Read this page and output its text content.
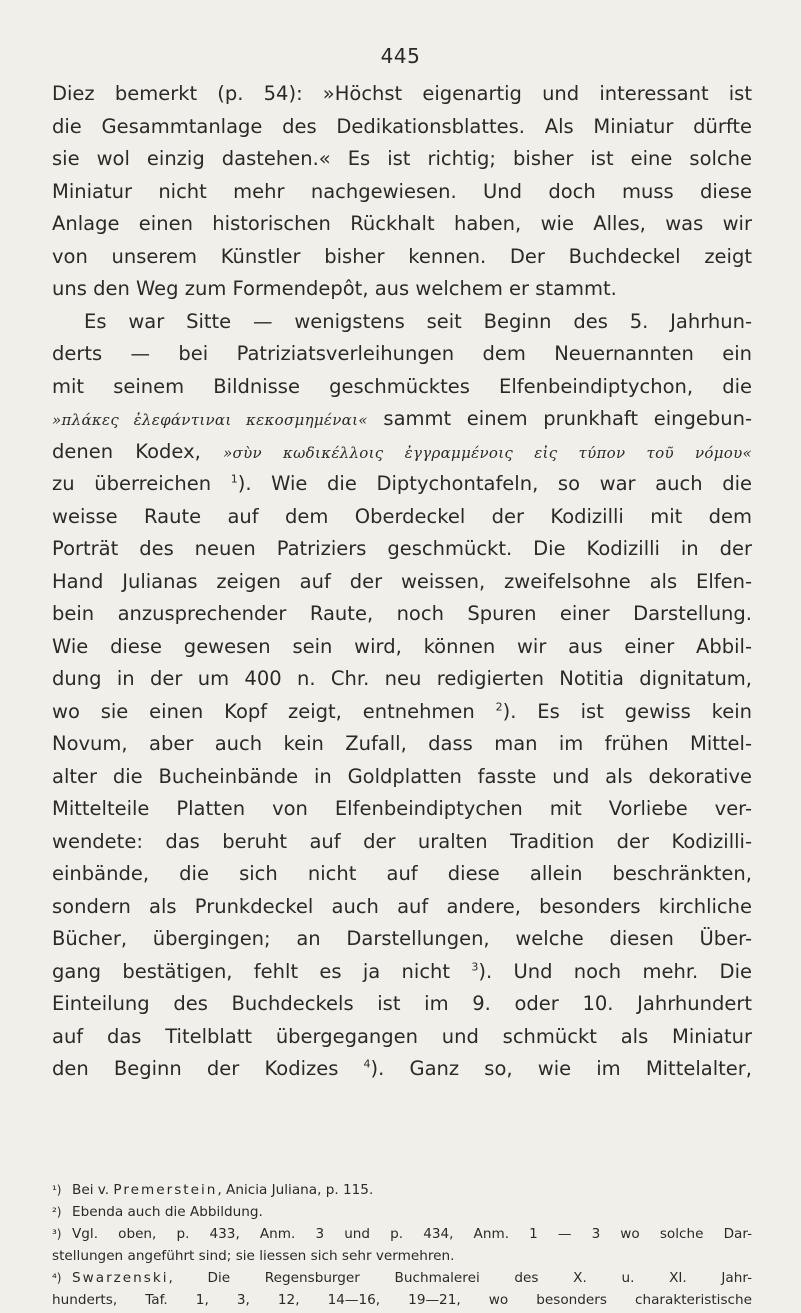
445
Diez bemerkt (p. 54): »Höchst eigenartig und interessant ist
die Gesammtanlage des Dedikationsblattes. Als Miniatur dürfte
sie wol einzig dastehen.« Es ist richtig; bisher ist eine solche
Miniatur nicht mehr nachgewiesen. Und doch muss diese
Anlage einen historischen Rückhalt haben, wie Alles, was wir
von unserem Künstler bisher kennen. Der Buchdeckel zeigt
uns den Weg zum Formendepôt, aus welchem er stammt.
Es war Sitte — wenigstens seit Beginn des 5. Jahrhun-
derts — bei Patriziatsverleihungen dem Neuernannten ein
mit seinem Bildnisse geschmücktes Elfenbeindiptychon, die
»πλάκες ἐλεφάντιναι κεκοσμημέναι« sammt einem prunkhaft eingebun-
denen Kodex, »σὺν κωδικέλλοις ἐγγραμμένοις εἰς τύπον τοῦ νόμου«
zu überreichen $^1$). Wie die Diptychontafeln, so war auch die
weisse Raute auf dem Oberdeckel der Kodizilli mit dem
Porträt des neuen Patriziers geschmückt. Die Kodizilli in der
Hand Julianas zeigen auf der weissen, zweifelsohne als Elfen-
bein anzusprechender Raute, noch Spuren einer Darstellung.
Wie diese gewesen sein wird, können wir aus einer Abbil-
dung in der um 400 n. Chr. neu redigierten Notitia dignitatum,
wo sie einen Kopf zeigt, entnehmen $^2$). Es ist gewiss kein
Novum, aber auch kein Zufall, dass man im frühen Mittel-
alter die Bucheinbände in Goldplatten fasste und als dekorative
Mittelteile Platten von Elfenbeindiptychen mit Vorliebe ver-
wendete: das beruht auf der uralten Tradition der Kodizilli-
einbände, die sich nicht auf diese allein beschränkten,
sondern als Prunkdeckel auch auf andere, besonders kirchliche
Bücher, übergingen; an Darstellungen, welche diesen Über-
gang bestätigen, fehlt es ja nicht $^3$). Und noch mehr. Die
Einteilung des Buchdeckels ist im 9. oder 10. Jahrhundert
auf das Titelblatt übergegangen und schmückt als Miniatur
den Beginn der Kodizes $^4$). Ganz so, wie im Mittelalter,
¹) Bei v. Premerstein, Anicia Juliana, p. 115.
²) Ebenda auch die Abbildung.
³) Vgl. oben, p. 433, Anm. 3 und p. 434, Anm. 1 — 3 wo solche Dar-
stellungen angeführt sind; sie liessen sich sehr vermehren.
⁴) Swarzenski, Die Regensburger Buchmalerei des X. u. XI. Jahr-
hunderts, Taf. 1, 3, 12, 14—16, 19—21, wo besonders charakteristische
